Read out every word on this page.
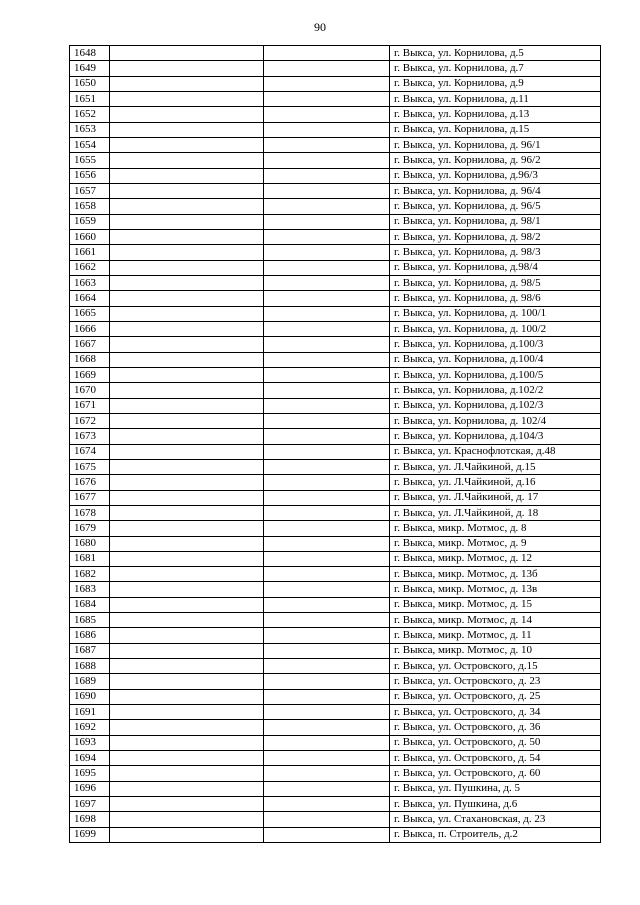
90
1648			г. Выкса, ул. Корнилова, д.5
1649			г. Выкса, ул. Корнилова, д.7
1650			г. Выкса, ул. Корнилова, д.9
1651			г. Выкса, ул. Корнилова, д.11
1652			г. Выкса, ул. Корнилова, д.13
1653			г. Выкса, ул. Корнилова, д.15
1654			г. Выкса, ул. Корнилова, д. 96/1
1655			г. Выкса, ул. Корнилова, д. 96/2
1656			г. Выкса, ул. Корнилова, д.96/3
1657			г. Выкса, ул. Корнилова, д. 96/4
1658			г. Выкса, ул. Корнилова, д. 96/5
1659			г. Выкса, ул. Корнилова, д. 98/1
1660			г. Выкса, ул. Корнилова, д. 98/2
1661			г. Выкса, ул. Корнилова, д. 98/3
1662			г. Выкса, ул. Корнилова, д.98/4
1663			г. Выкса, ул. Корнилова, д. 98/5
1664			г. Выкса, ул. Корнилова, д. 98/6
1665			г. Выкса, ул. Корнилова, д. 100/1
1666			г. Выкса, ул. Корнилова, д. 100/2
1667			г. Выкса, ул. Корнилова, д.100/3
1668			г. Выкса, ул. Корнилова, д.100/4
1669			г. Выкса, ул. Корнилова, д.100/5
1670			г. Выкса, ул. Корнилова, д.102/2
1671			г. Выкса, ул. Корнилова, д.102/3
1672			г. Выкса, ул. Корнилова, д. 102/4
1673			г. Выкса, ул. Корнилова, д.104/3
1674			г. Выкса, ул. Краснофлотская, д.48
1675			г. Выкса, ул. Л.Чайкиной, д.15
1676			г. Выкса, ул. Л.Чайкиной, д.16
1677			г. Выкса, ул. Л.Чайкиной, д. 17
1678			г. Выкса, ул. Л.Чайкиной, д. 18
1679			г. Выкса, микр. Мотмос, д. 8
1680			г. Выкса, микр. Мотмос, д. 9
1681			г. Выкса, микр. Мотмос, д. 12
1682			г. Выкса, микр. Мотмос, д. 13б
1683			г. Выкса, микр. Мотмос, д. 13в
1684			г. Выкса, микр. Мотмос, д. 15
1685			г. Выкса, микр. Мотмос, д. 14
1686			г. Выкса, микр. Мотмос, д. 11
1687			г. Выкса, микр. Мотмос, д. 10
1688			г. Выкса, ул. Островского, д.15
1689			г. Выкса, ул. Островского, д. 23
1690			г. Выкса, ул. Островского, д. 25
1691			г. Выкса, ул. Островского, д. 34
1692			г. Выкса, ул. Островского, д. 36
1693			г. Выкса, ул. Островского, д. 50
1694			г. Выкса, ул. Островского, д. 54
1695			г. Выкса, ул. Островского, д. 60
1696			г. Выкса, ул. Пушкина, д. 5
1697			г. Выкса, ул. Пушкина, д.6
1698			г. Выкса, ул. Стахановская, д. 23
1699			г. Выкса, п. Строитель, д.2
